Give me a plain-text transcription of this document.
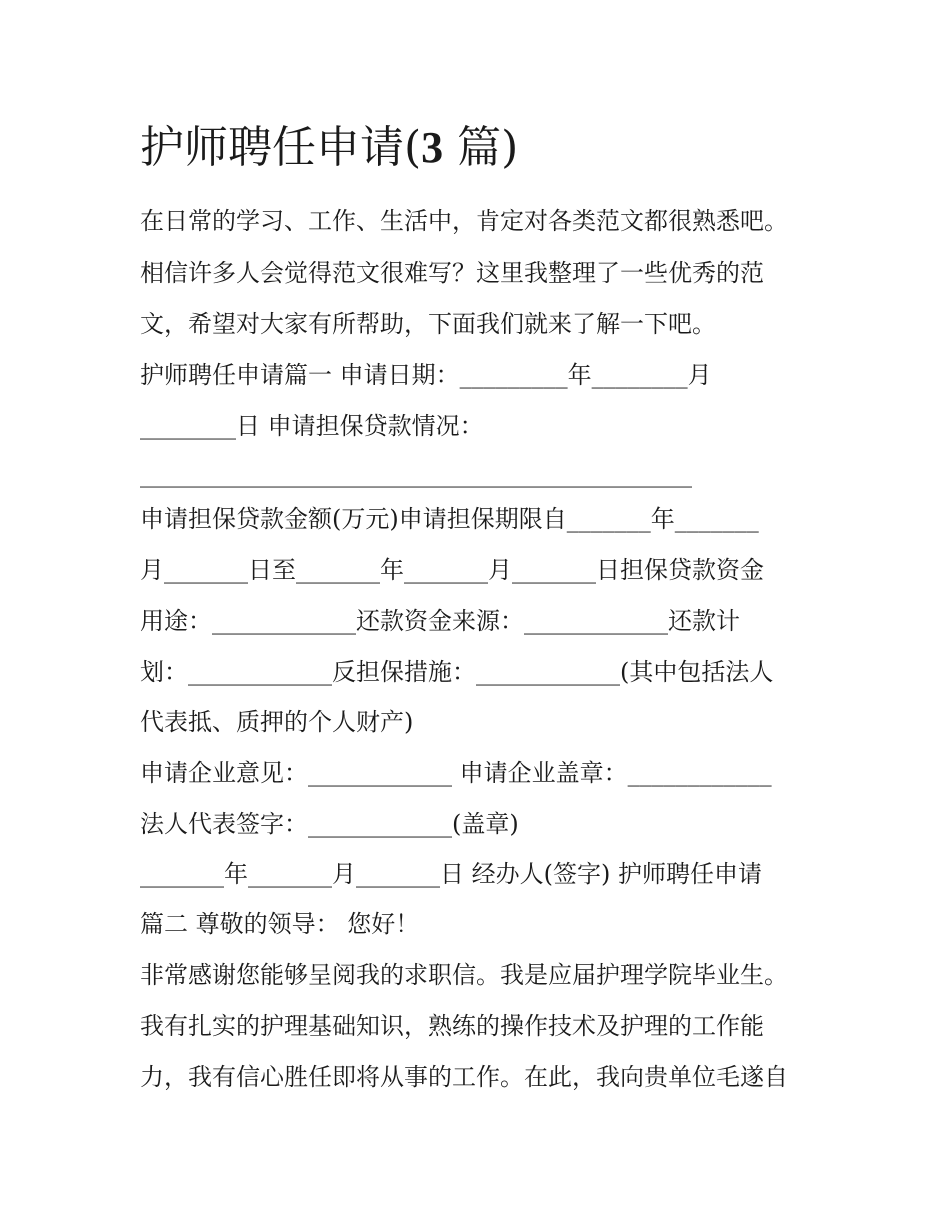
护师聘任申请(3 篇)

在日常的学习、工作、生活中，肯定对各类范文都很熟悉吧。

相信许多人会觉得范文很难写？这里我整理了一些优秀的范

文，希望对大家有所帮助，下面我们就来了解一下吧。

护师聘任申请篇一 申请日期：_________年________月

________日 申请担保贷款情况：

______________________________________________

申请担保贷款金额(万元)申请担保期限自_______年_______

月_______日至_______年_______月_______日担保贷款资金

用途：____________还款资金来源：____________还款计

划：____________反担保措施：____________(其中包括法人

代表抵、质押的个人财产)

申请企业意见：____________ 申请企业盖章：____________

法人代表签字：____________(盖章)

_______年_______月_______日 经办人(签字) 护师聘任申请

篇二 尊敬的领导： 您好！

非常感谢您能够呈阅我的求职信。我是应届护理学院毕业生。

我有扎实的护理基础知识，熟练的操作技术及护理的工作能

力，我有信心胜任即将从事的工作。在此，我向贵单位毛遂自
